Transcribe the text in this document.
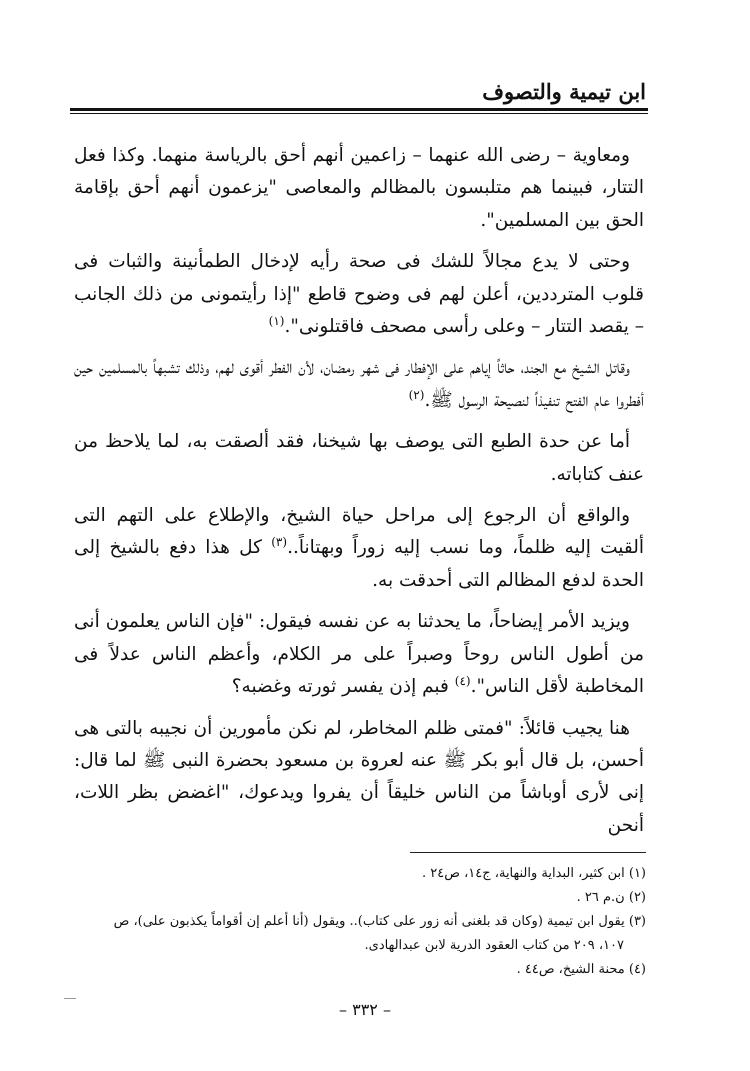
ابن تيمية والتصوف

ومعاوية – رضى الله عنهما – زاعمين أنهم أحق بالرياسة منهما. وكذا فعل التتار، فبينما هم متلبسون بالمظالم والمعاصى "يزعمون أنهم أحق بإقامة الحق بين المسلمين".

وحتى لا يدع مجالاً للشك فى صحة رأيه لإدخال الطمأنينة والثبات فى قلوب المترددين، أعلن لهم فى وضوح قاطع "إذا رأيتمونى من ذلك الجانب – يقصد التتار – وعلى رأسى مصحف فاقتلونى".$^{(١)}$

وقاتل الشيخ مع الجند، حاثاً إياهم على الإفطار فى شهر رمضان، لأن الفطر أقوى لهم، وذلك تشبهاً بالمسلمين حين أفطروا عام الفتح تنفيذاً لنصيحة الرسول ﷺ.$^{(٢)}$

أما عن حدة الطبع التى يوصف بها شيخنا، فقد ألصقت به، لما يلاحظ من عنف كتاباته.

والواقع أن الرجوع إلى مراحل حياة الشيخ، والإطلاع على التهم التى ألقيت إليه ظلماً، وما نسب إليه زوراً وبهتاناً..$^{(٣)}$ كل هذا دفع بالشيخ إلى الحدة لدفع المظالم التى أحدقت به.

ويزيد الأمر إيضاحاً، ما يحدثنا به عن نفسه فيقول: "فإن الناس يعلمون أنى من أطول الناس روحاً وصبراً على مر الكلام، وأعظم الناس عدلاً فى المخاطبة لأقل الناس".$^{(٤)}$ فبم إذن يفسر ثورته وغضبه؟

هنا يجيب قائلاً: "فمتى ظلم المخاطر، لم نكن مأمورين أن نجيبه بالتى هى أحسن، بل قال أبو بكر ﷺ عنه لعروة بن مسعود بحضرة النبى ﷺ لما قال: إنى لأرى أوباشاً من الناس خليقاً أن يفروا ويدعوك، "اغضض بظر اللات، أنحن

(١) ابن كثير، البداية والنهاية، ج١٤، ص٢٤ .

(٢) ن.م ٢٦ .

(٣) يقول ابن تيمية (وكان قد بلغنى أنه زور على كتاب).. ويقول (أنا أعلم إن أقواماً يكذبون على)، ص

١٠٧، ٢٠٩ من كتاب العقود الدرية لابن عبدالهادى.

(٤) محنة الشيخ، ص٤٤ .

– ٣٣٢ –
